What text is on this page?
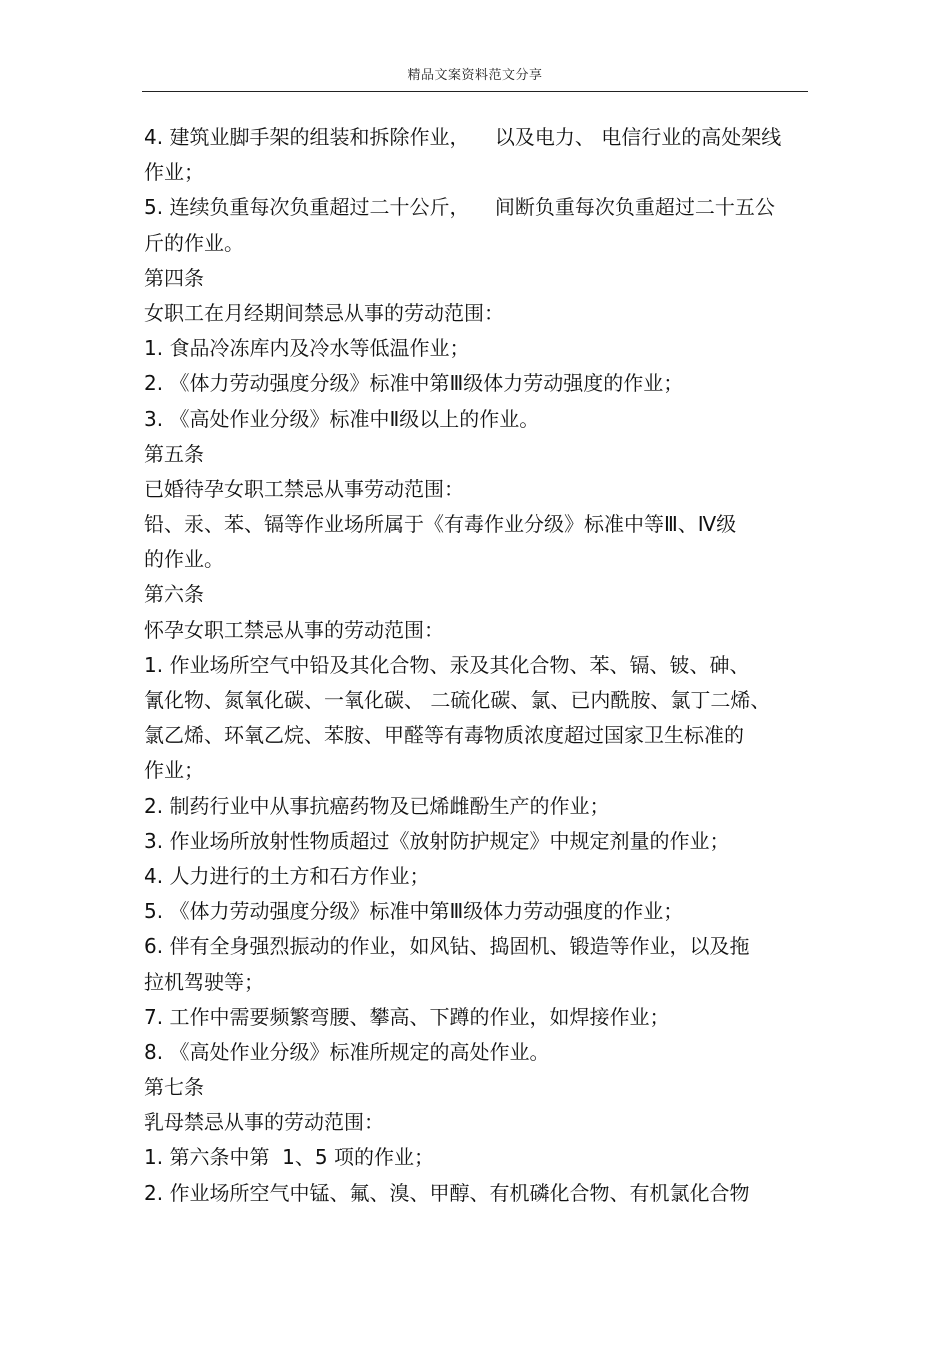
精品文案资料范文分享
4. 建筑业脚手架的组装和拆除作业，    以及电力、 电信行业的高处架线
作业；
5. 连续负重每次负重超过二十公斤，    间断负重每次负重超过二十五公
斤的作业。
第四条
女职工在月经期间禁忌从事的劳动范围：
1. 食品冷冻库内及冷水等低温作业；
2. 《体力劳动强度分级》标准中第Ⅲ级体力劳动强度的作业；
3. 《高处作业分级》标准中Ⅱ级以上的作业。
第五条
已婚待孕女职工禁忌从事劳动范围：
铅、汞、苯、镉等作业场所属于《有毒作业分级》标准中等Ⅲ、Ⅳ级
的作业。
第六条
怀孕女职工禁忌从事的劳动范围：
1. 作业场所空气中铅及其化合物、汞及其化合物、苯、镉、铍、砷、
氰化物、氮氧化碳、一氧化碳、 二硫化碳、氯、已内酰胺、氯丁二烯、
氯乙烯、环氧乙烷、苯胺、甲醛等有毒物质浓度超过国家卫生标准的
作业；
2. 制药行业中从事抗癌药物及已烯雌酚生产的作业；
3. 作业场所放射性物质超过《放射防护规定》中规定剂量的作业；
4. 人力进行的土方和石方作业；
5. 《体力劳动强度分级》标准中第Ⅲ级体力劳动强度的作业；
6. 伴有全身强烈振动的作业，如风钻、捣固机、锻造等作业，以及拖
拉机驾驶等；
7. 工作中需要频繁弯腰、攀高、下蹲的作业，如焊接作业；
8. 《高处作业分级》标准所规定的高处作业。
第七条
乳母禁忌从事的劳动范围：
1. 第六条中第  1、5 项的作业；
2. 作业场所空气中锰、氟、溴、甲醇、有机磷化合物、有机氯化合物
